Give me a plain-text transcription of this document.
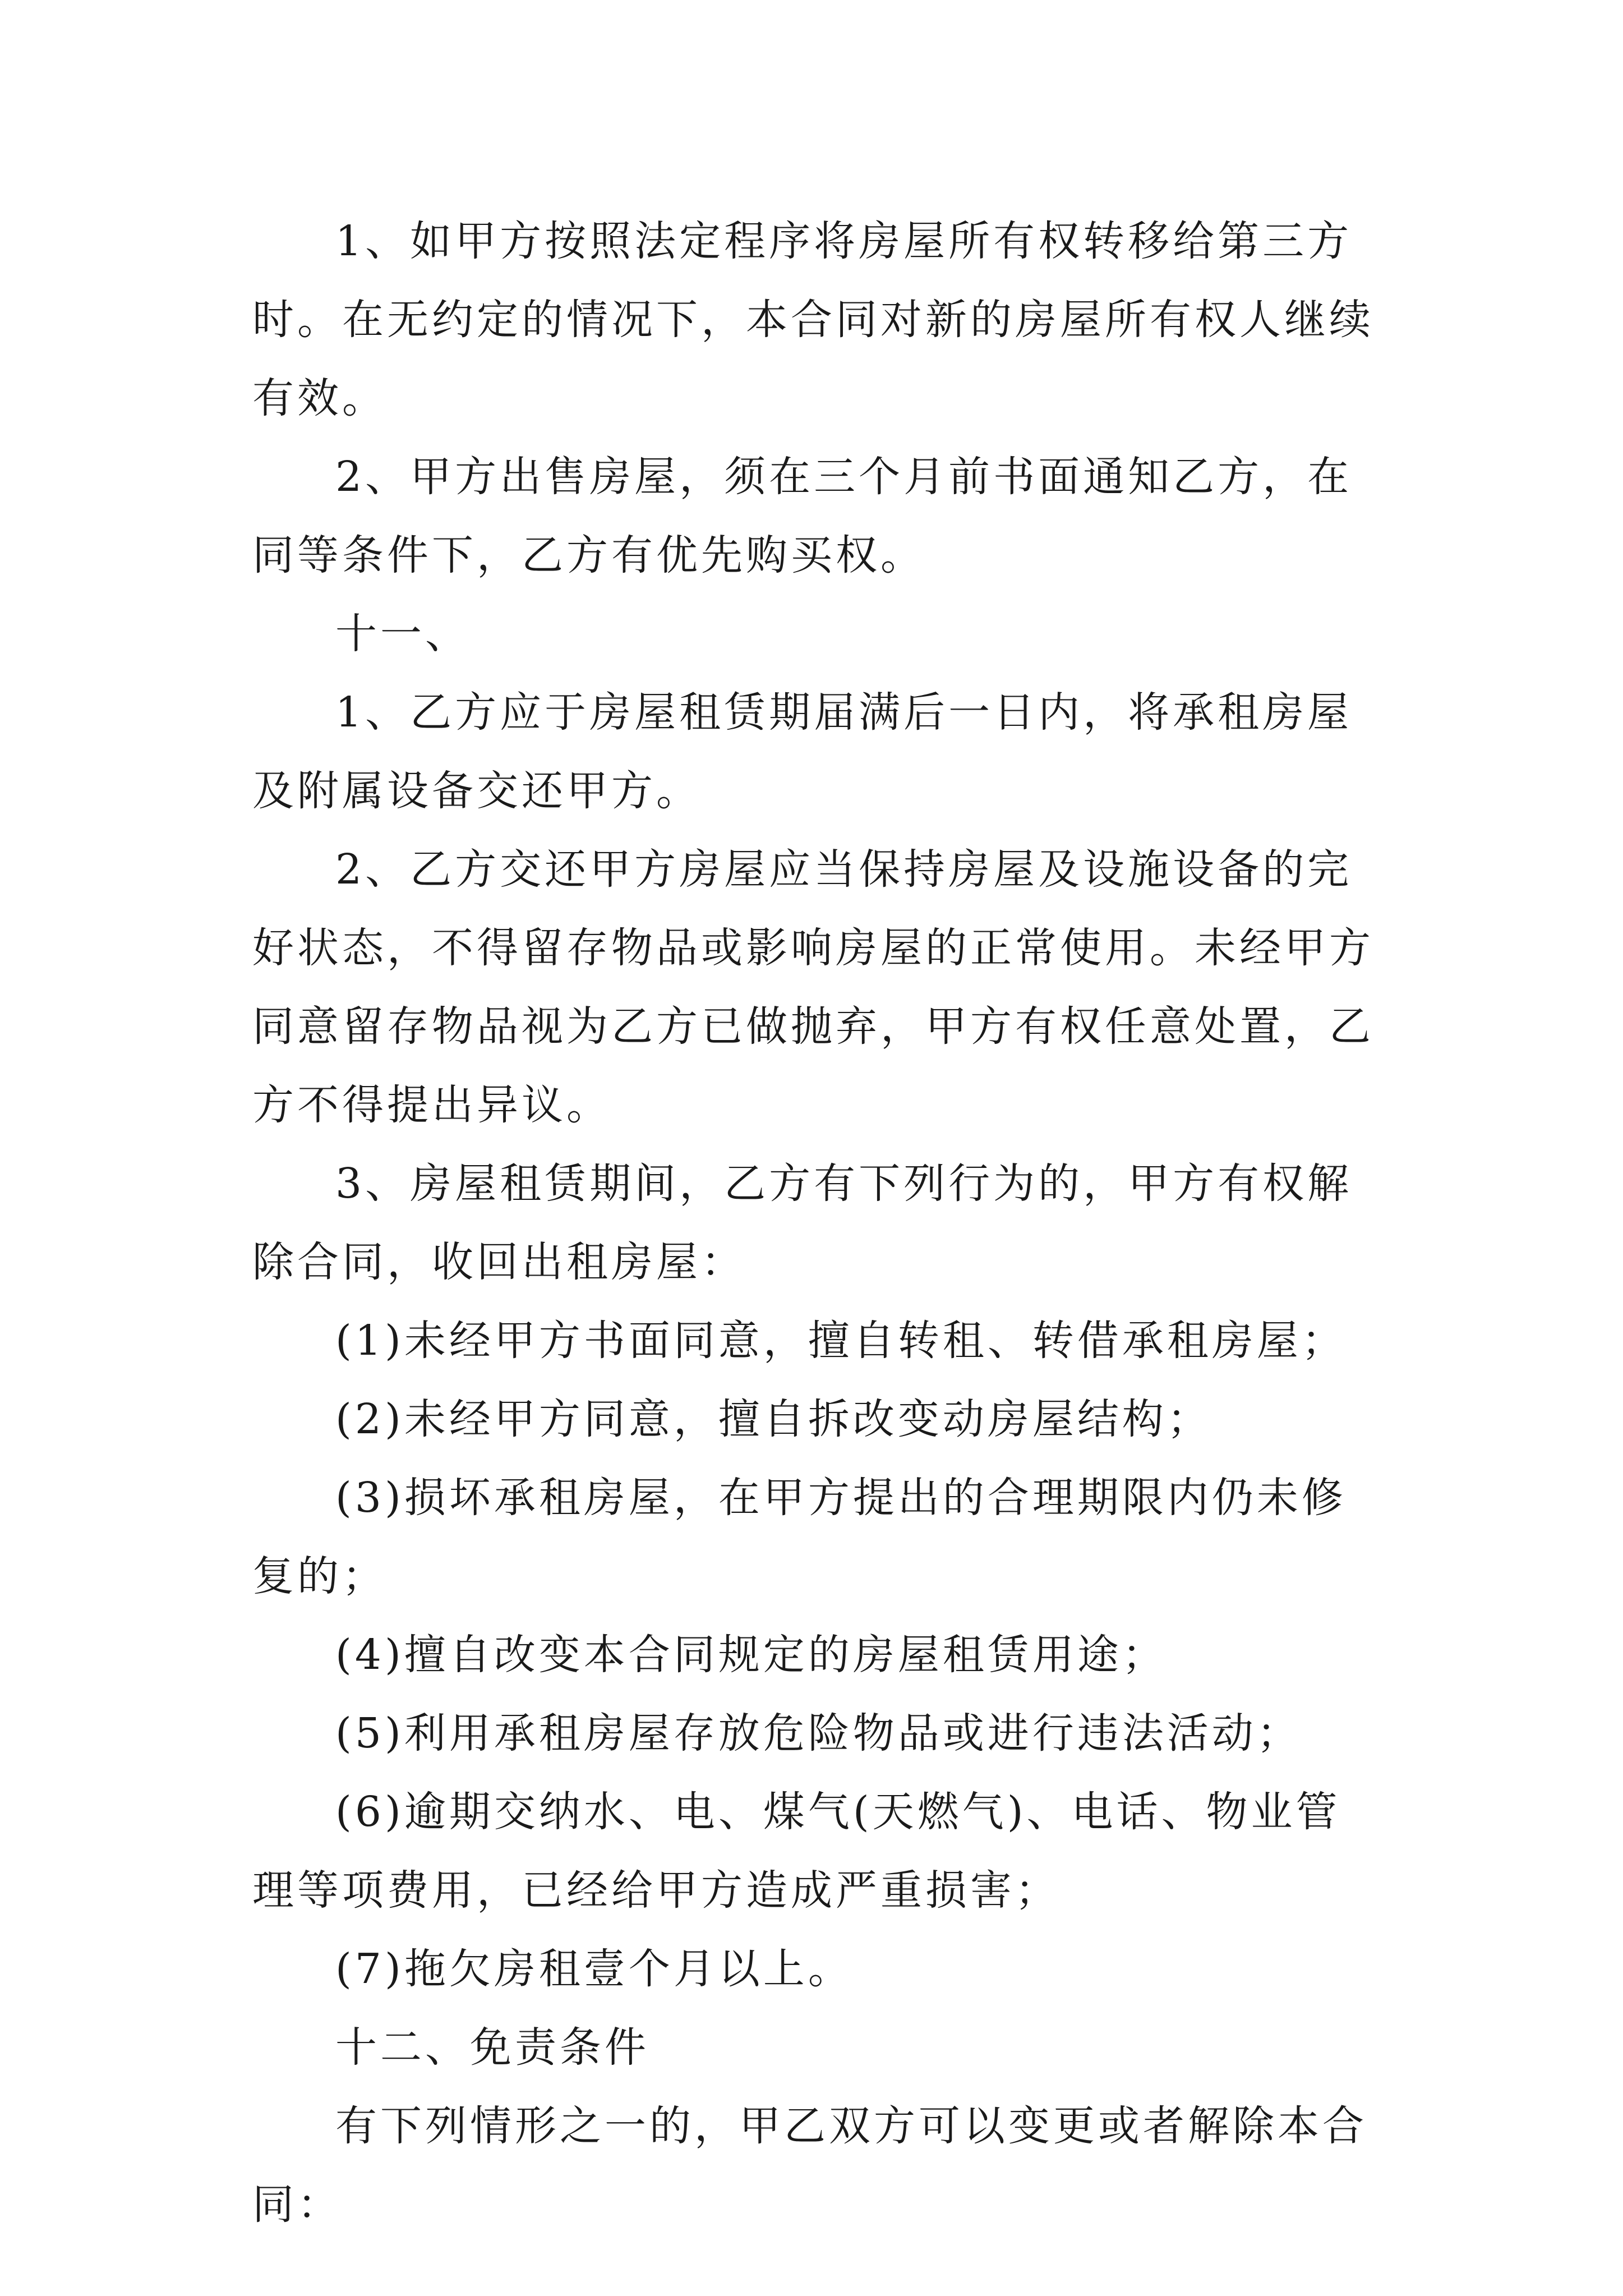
1、如甲方按照法定程序将房屋所有权转移给第三方时。在无约定的情况下，本合同对新的房屋所有权人继续有效。

2、甲方出售房屋，须在三个月前书面通知乙方，在同等条件下，乙方有优先购买权。

十一、

1、乙方应于房屋租赁期届满后一日内，将承租房屋及附属设备交还甲方。

2、乙方交还甲方房屋应当保持房屋及设施设备的完好状态，不得留存物品或影响房屋的正常使用。未经甲方同意留存物品视为乙方已做抛弃，甲方有权任意处置，乙方不得提出异议。

3、房屋租赁期间，乙方有下列行为的，甲方有权解除合同，收回出租房屋：

(1)未经甲方书面同意，擅自转租、转借承租房屋；

(2)未经甲方同意，擅自拆改变动房屋结构；

(3)损坏承租房屋，在甲方提出的合理期限内仍未修复的；

(4)擅自改变本合同规定的房屋租赁用途；

(5)利用承租房屋存放危险物品或进行违法活动；

(6)逾期交纳水、电、煤气(天燃气)、电话、物业管理等项费用，已经给甲方造成严重损害；

(7)拖欠房租壹个月以上。

十二、免责条件

有下列情形之一的，甲乙双方可以变更或者解除本合同：
